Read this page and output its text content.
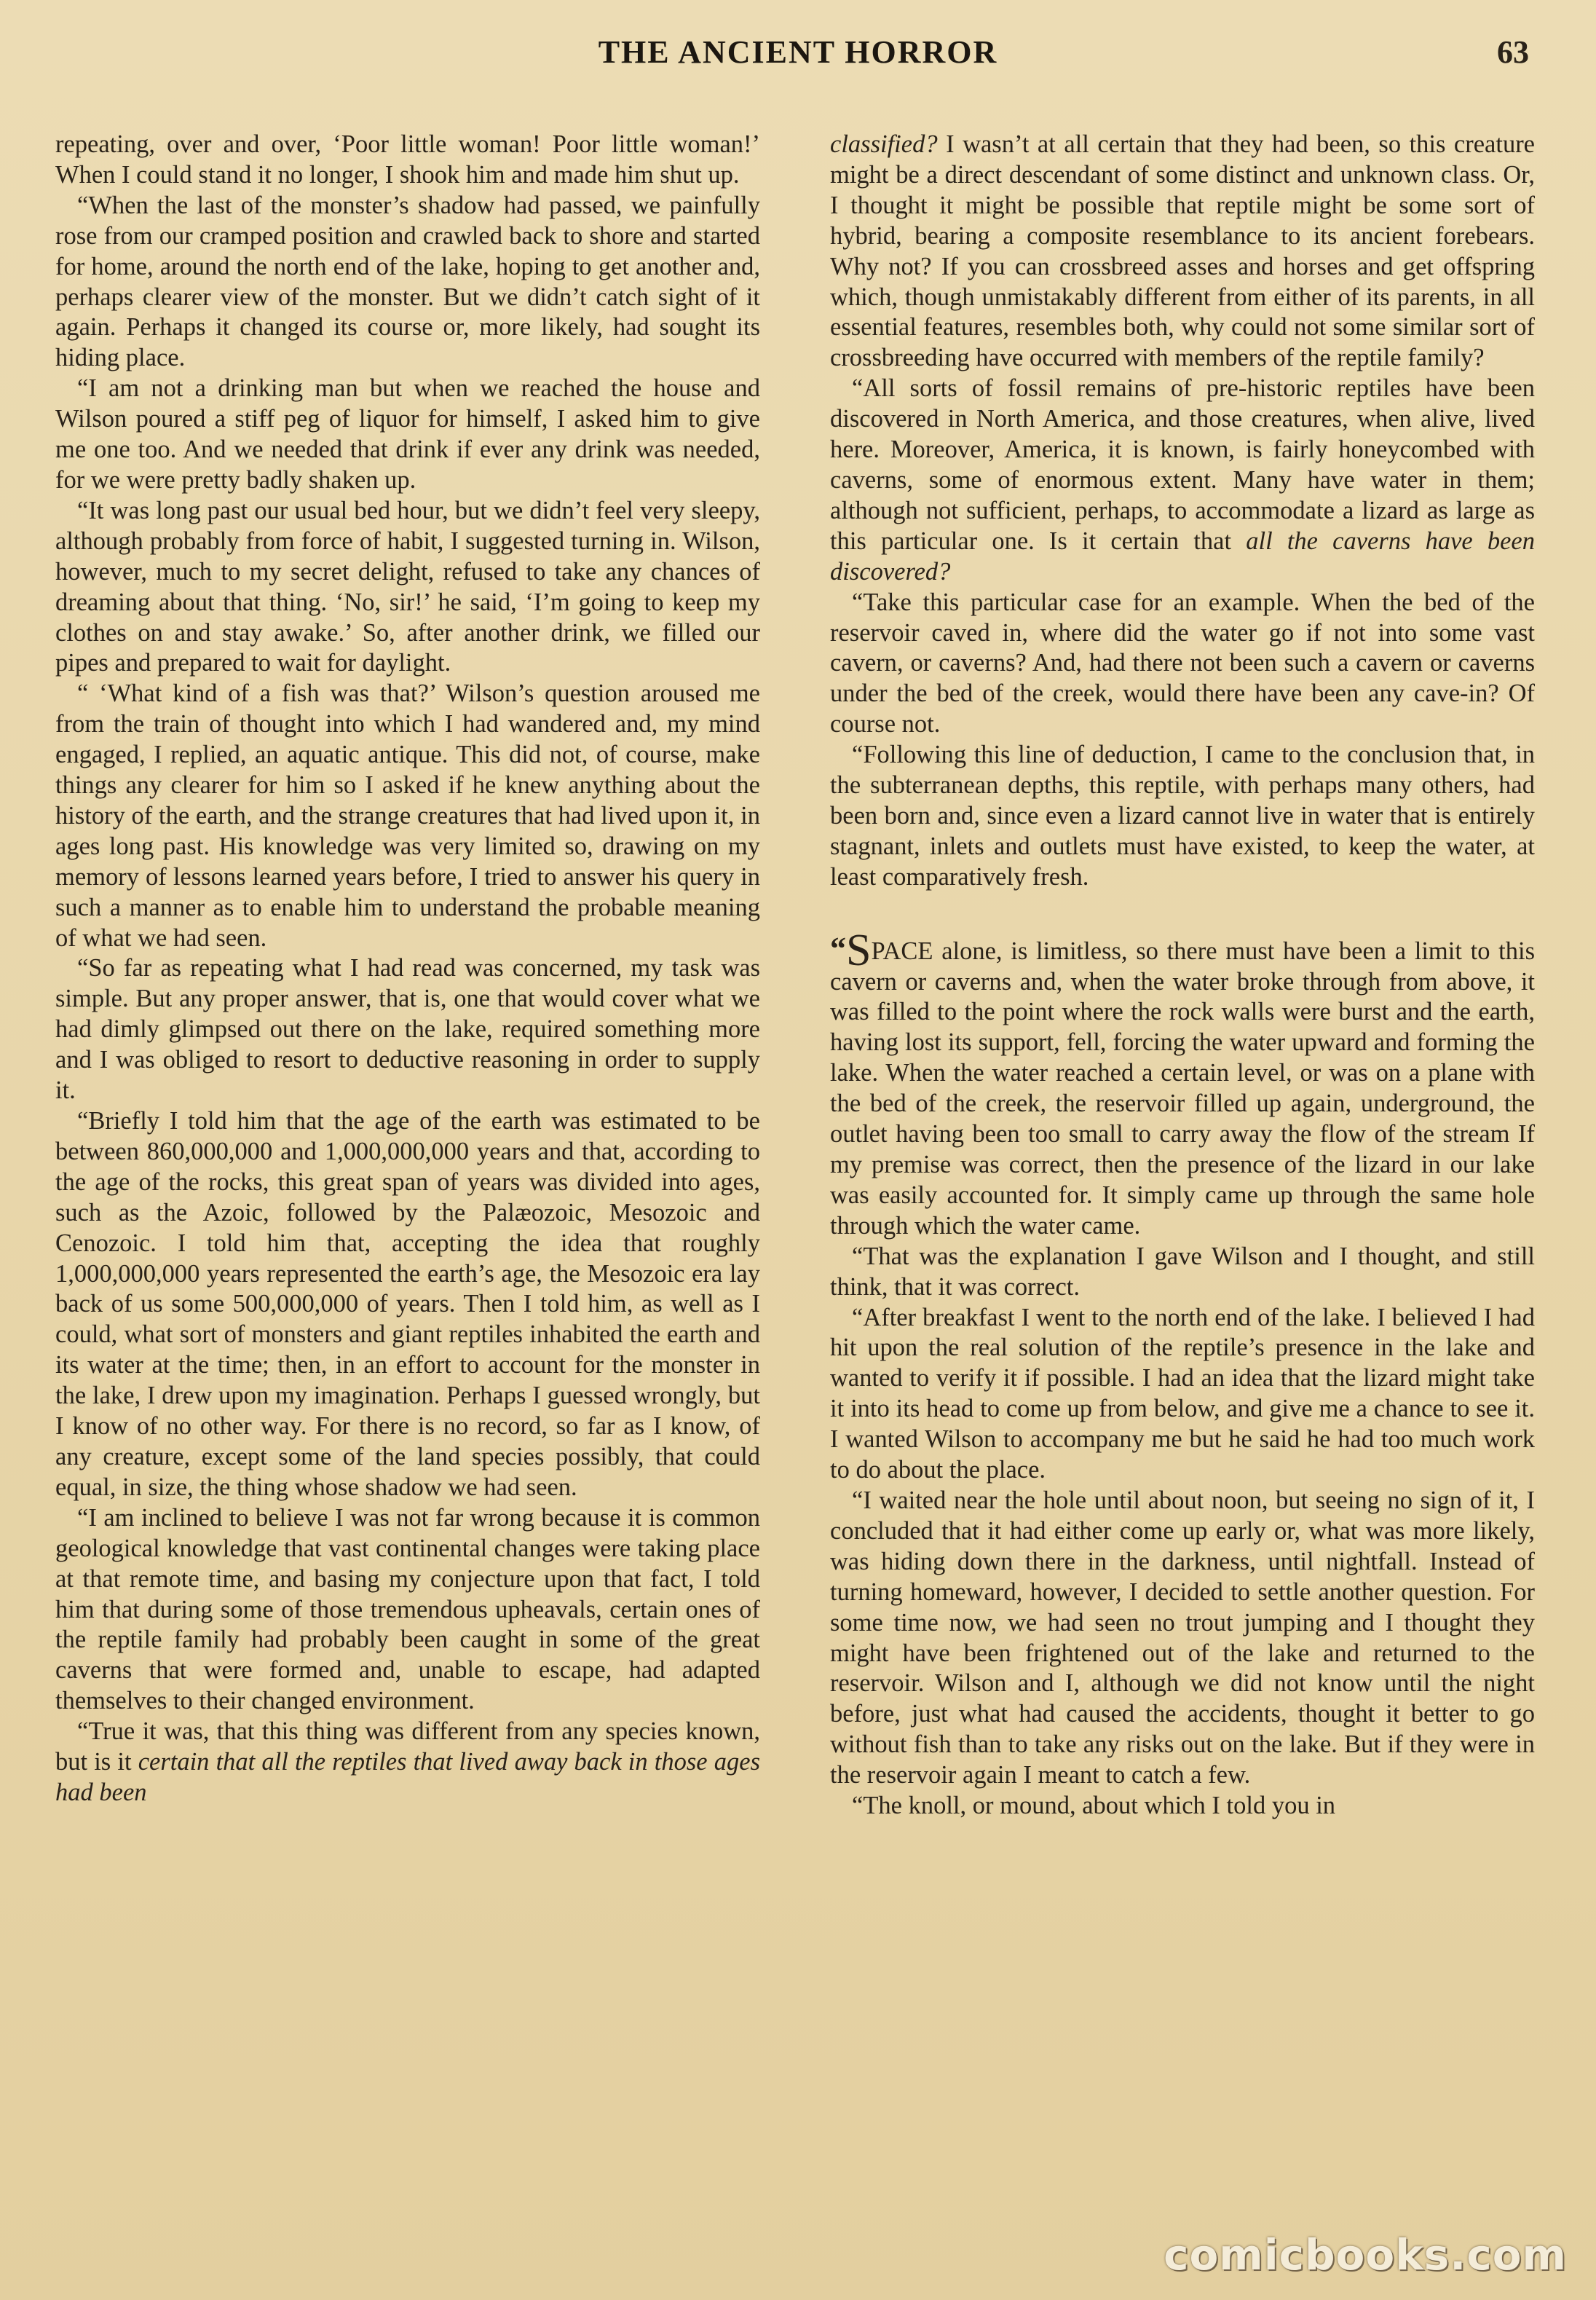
THE ANCIENT HORROR	63

repeating, over and over, ‘Poor little woman! Poor little woman!’ When I could stand it no longer, I shook him and made him shut up.

“When the last of the monster’s shadow had passed, we painfully rose from our cramped position and crawled back to shore and started for home, around the north end of the lake, hoping to get another and, perhaps clearer view of the monster. But we didn’t catch sight of it again. Perhaps it changed its course or, more likely, had sought its hiding place.

“I am not a drinking man but when we reached the house and Wilson poured a stiff peg of liquor for himself, I asked him to give me one too. And we needed that drink if ever any drink was needed, for we were pretty badly shaken up.

“It was long past our usual bed hour, but we didn’t feel very sleepy, although probably from force of habit, I suggested turning in. Wilson, however, much to my secret delight, refused to take any chances of dreaming about that thing. ‘No, sir!’ he said, ‘I’m going to keep my clothes on and stay awake.’ So, after another drink, we filled our pipes and prepared to wait for daylight.

“ ‘What kind of a fish was that?’ Wilson’s question aroused me from the train of thought into which I had wandered and, my mind engaged, I replied, an aquatic antique. This did not, of course, make things any clearer for him so I asked if he knew anything about the history of the earth, and the strange creatures that had lived upon it, in ages long past. His knowledge was very limited so, drawing on my memory of lessons learned years before, I tried to answer his query in such a manner as to enable him to understand the probable meaning of what we had seen.

“So far as repeating what I had read was concerned, my task was simple. But any proper answer, that is, one that would cover what we had dimly glimpsed out there on the lake, required something more and I was obliged to resort to deductive reasoning in order to supply it.

“Briefly I told him that the age of the earth was estimated to be between 860,000,000 and 1,000,000,000 years and that, according to the age of the rocks, this great span of years was divided into ages, such as the Azoic, followed by the Palæozoic, Mesozoic and Cenozoic. I told him that, accepting the idea that roughly 1,000,000,000 years represented the earth’s age, the Mesozoic era lay back of us some 500,000,000 of years. Then I told him, as well as I could, what sort of monsters and giant reptiles inhabited the earth and its water at the time; then, in an effort to account for the monster in the lake, I drew upon my imagination. Perhaps I guessed wrongly, but I know of no other way. For there is no record, so far as I know, of any creature, except some of the land species possibly, that could equal, in size, the thing whose shadow we had seen.

“I am inclined to believe I was not far wrong because it is common geological knowledge that vast continental changes were taking place at that remote time, and basing my conjecture upon that fact, I told him that during some of those tremendous upheavals, certain ones of the reptile family had probably been caught in some of the great caverns that were formed and, unable to escape, had adapted themselves to their changed environment.

“True it was, that this thing was different from any species known, but is it certain that all the reptiles that lived away back in those ages had been

classified? I wasn’t at all certain that they had been, so this creature might be a direct descendant of some distinct and unknown class. Or, I thought it might be possible that reptile might be some sort of hybrid, bearing a composite resemblance to its ancient forebears. Why not? If you can crossbreed asses and horses and get offspring which, though unmistakably different from either of its parents, in all essential features, resembles both, why could not some similar sort of crossbreeding have occurred with members of the reptile family?

“All sorts of fossil remains of pre-historic reptiles have been discovered in North America, and those creatures, when alive, lived here. Moreover, America, it is known, is fairly honeycombed with caverns, some of enormous extent. Many have water in them; although not sufficient, perhaps, to accommodate a lizard as large as this particular one. Is it certain that all the caverns have been discovered?

“Take this particular case for an example. When the bed of the reservoir caved in, where did the water go if not into some vast cavern, or caverns? And, had there not been such a cavern or caverns under the bed of the creek, would there have been any cave-in? Of course not.

“Following this line of deduction, I came to the conclusion that, in the subterranean depths, this reptile, with perhaps many others, had been born and, since even a lizard cannot live in water that is entirely stagnant, inlets and outlets must have existed, to keep the water, at least comparatively fresh.

“SPACE alone, is limitless, so there must have been a limit to this cavern or caverns and, when the water broke through from above, it was filled to the point where the rock walls were burst and the earth, having lost its support, fell, forcing the water upward and forming the lake. When the water reached a certain level, or was on a plane with the bed of the creek, the reservoir filled up again, underground, the outlet having been too small to carry away the flow of the stream If my premise was correct, then the presence of the lizard in our lake was easily accounted for. It simply came up through the same hole through which the water came.

“That was the explanation I gave Wilson and I thought, and still think, that it was correct.

“After breakfast I went to the north end of the lake. I believed I had hit upon the real solution of the reptile’s presence in the lake and wanted to verify it if possible. I had an idea that the lizard might take it into its head to come up from below, and give me a chance to see it. I wanted Wilson to accompany me but he said he had too much work to do about the place.

“I waited near the hole until about noon, but seeing no sign of it, I concluded that it had either come up early or, what was more likely, was hiding down there in the darkness, until nightfall. Instead of turning homeward, however, I decided to settle another question. For some time now, we had seen no trout jumping and I thought they might have been frightened out of the lake and returned to the reservoir. Wilson and I, although we did not know until the night before, just what had caused the accidents, thought it better to go without fish than to take any risks out on the lake. But if they were in the reservoir again I meant to catch a few.

“The knoll, or mound, about which I told you in

comicbooks.com
